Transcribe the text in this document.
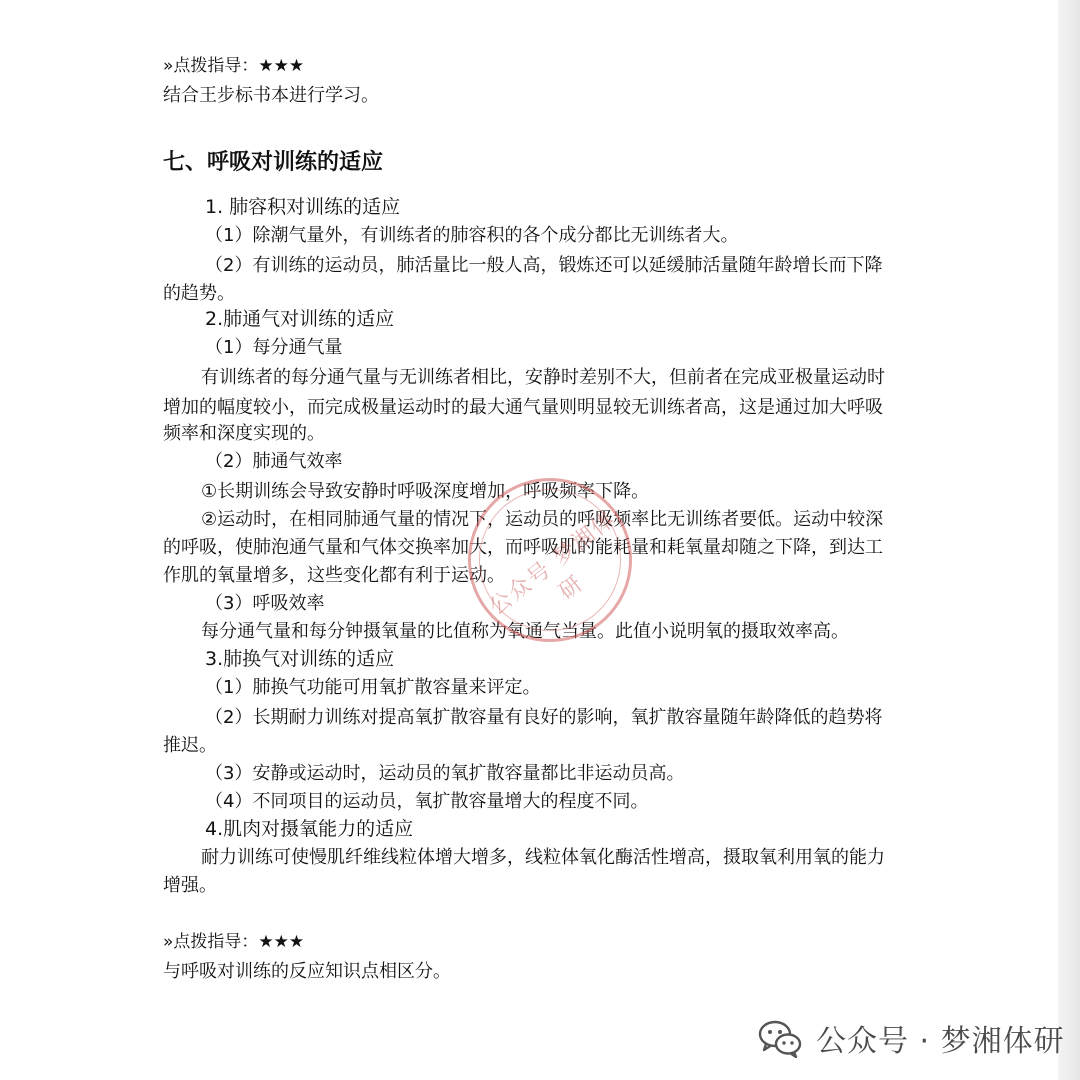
»点拨指导：★★★
结合王步标书本进行学习。
七、呼吸对训练的适应
1. 肺容积对训练的适应
（1）除潮气量外，有训练者的肺容积的各个成分都比无训练者大。
（2）有训练的运动员，肺活量比一般人高，锻炼还可以延缓肺活量随年龄增长而下降
的趋势。
2.肺通气对训练的适应
（1）每分通气量
有训练者的每分通气量与无训练者相比，安静时差别不大，但前者在完成亚极量运动时
增加的幅度较小，而完成极量运动时的最大通气量则明显较无训练者高，这是通过加大呼吸
频率和深度实现的。
（2）肺通气效率
①长期训练会导致安静时呼吸深度增加，呼吸频率下降。
②运动时，在相同肺通气量的情况下，运动员的呼吸频率比无训练者要低。运动中较深
的呼吸，使肺泡通气量和气体交换率加大，而呼吸肌的能耗量和耗氧量却随之下降，到达工
作肌的氧量增多，这些变化都有利于运动。
（3）呼吸效率
每分通气量和每分钟摄氧量的比值称为氧通气当量。此值小说明氧的摄取效率高。
3.肺换气对训练的适应
（1）肺换气功能可用氧扩散容量来评定。
（2）长期耐力训练对提高氧扩散容量有良好的影响，氧扩散容量随年龄降低的趋势将
推迟。
（3）安静或运动时，运动员的氧扩散容量都比非运动员高。
（4）不同项目的运动员，氧扩散容量增大的程度不同。
4.肌肉对摄氧能力的适应
耐力训练可使慢肌纤维线粒体增大增多，线粒体氧化酶活性增高，摄取氧利用氧的能力
增强。
»点拨指导：★★★
与呼吸对训练的反应知识点相区分。
公众号 梦湘体研
公众号 · 梦湘体研
